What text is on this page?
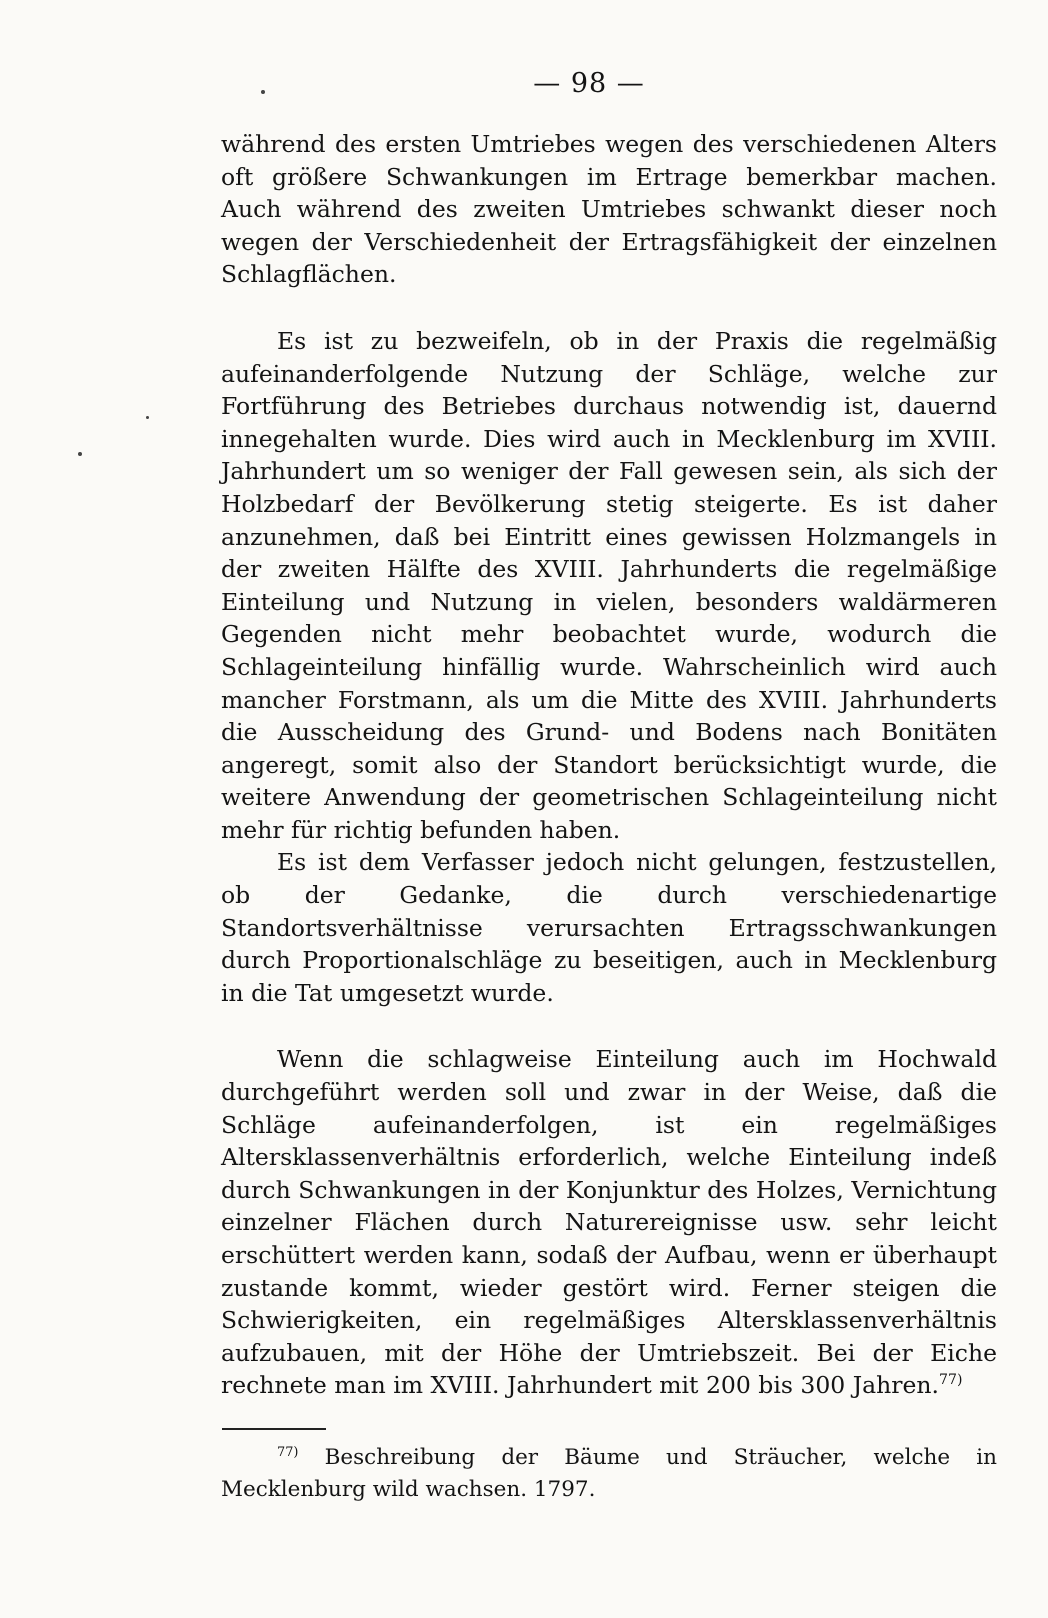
— 98 —

während des ersten Umtriebes wegen des verschiedenen Alters oft größere Schwankungen im Ertrage bemerkbar machen. Auch während des zweiten Umtriebes schwankt dieser noch wegen der Verschiedenheit der Ertragsfähigkeit der einzelnen Schlagflächen.

Es ist zu bezweifeln, ob in der Praxis die regelmäßig aufeinanderfolgende Nutzung der Schläge, welche zur Fortführung des Betriebes durchaus notwendig ist, dauernd innegehalten wurde. Dies wird auch in Mecklenburg im XVIII. Jahrhundert um so weniger der Fall gewesen sein, als sich der Holzbedarf der Bevölkerung stetig steigerte. Es ist daher anzunehmen, daß bei Eintritt eines gewissen Holzmangels in der zweiten Hälfte des XVIII. Jahrhunderts die regelmäßige Einteilung und Nutzung in vielen, besonders waldärmeren Gegenden nicht mehr beobachtet wurde, wodurch die Schlageinteilung hinfällig wurde. Wahrscheinlich wird auch mancher Forstmann, als um die Mitte des XVIII. Jahrhunderts die Ausscheidung des Grund- und Bodens nach Bonitäten angeregt, somit also der Standort berücksichtigt wurde, die weitere Anwendung der geometrischen Schlageinteilung nicht mehr für richtig befunden haben.

Es ist dem Verfasser jedoch nicht gelungen, festzustellen, ob der Gedanke, die durch verschiedenartige Standortsverhältnisse verursachten Ertragsschwankungen durch Proportionalschläge zu beseitigen, auch in Mecklenburg in die Tat umgesetzt wurde.

Wenn die schlagweise Einteilung auch im Hochwald durchgeführt werden soll und zwar in der Weise, daß die Schläge aufeinanderfolgen, ist ein regelmäßiges Altersklassenverhältnis erforderlich, welche Einteilung indeß durch Schwankungen in der Konjunktur des Holzes, Vernichtung einzelner Flächen durch Naturereignisse usw. sehr leicht erschüttert werden kann, sodaß der Aufbau, wenn er überhaupt zustande kommt, wieder gestört wird. Ferner steigen die Schwierigkeiten, ein regelmäßiges Altersklassenverhältnis aufzubauen, mit der Höhe der Umtriebszeit. Bei der Eiche rechnete man im XVIII. Jahrhundert mit 200 bis 300 Jahren.$^{77)}$

$^{77)}$ Beschreibung der Bäume und Sträucher, welche in Mecklenburg wild wachsen. 1797.
